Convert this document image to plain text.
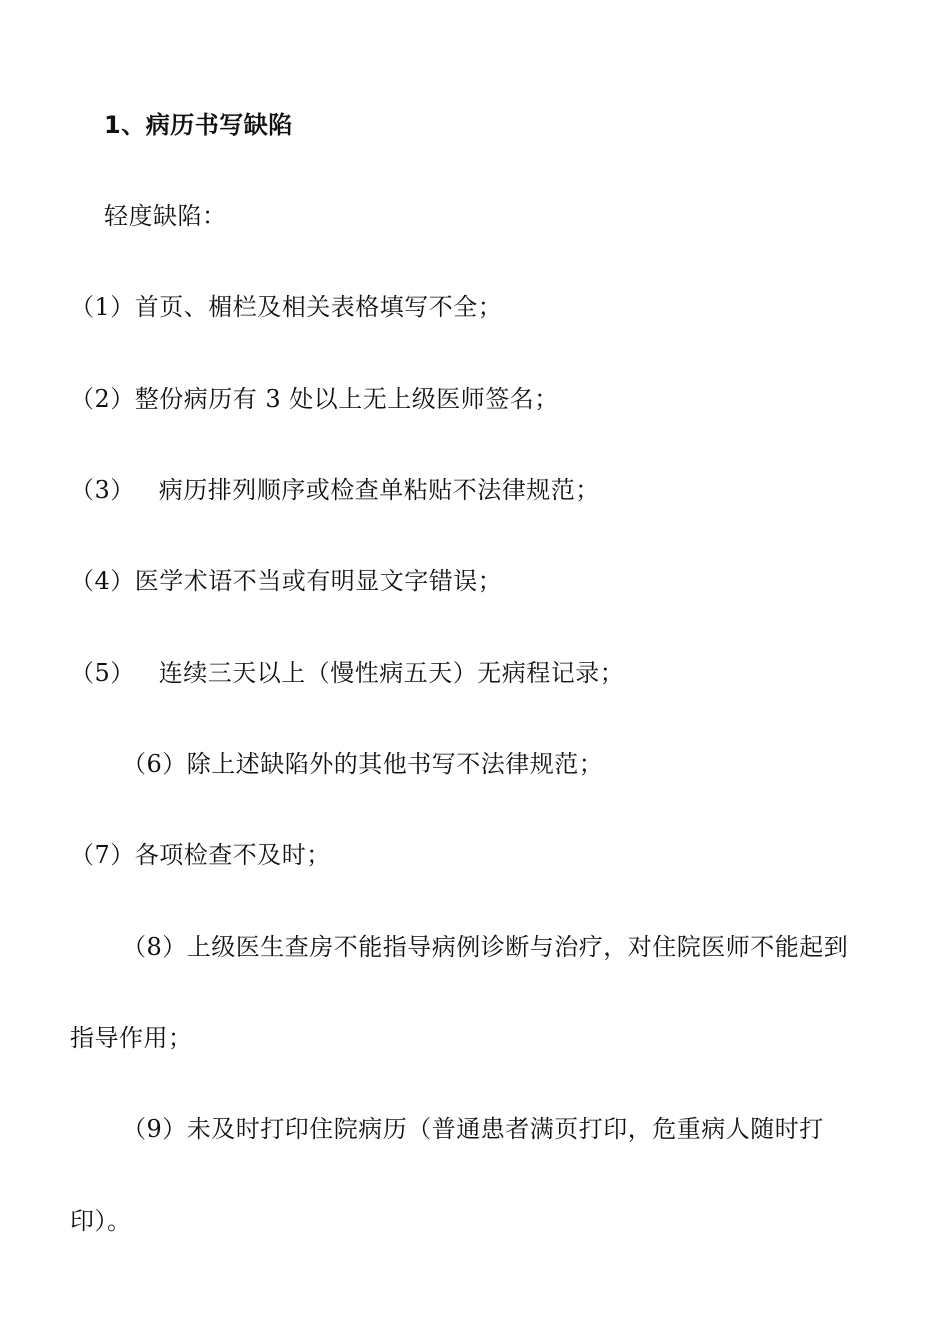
1、病历书写缺陷
轻度缺陷：
（1）首页、楣栏及相关表格填写不全；
（2）整份病历有 3 处以上无上级医师签名；
（3） 病历排列顺序或检查单粘贴不法律规范；
（4）医学术语不当或有明显文字错误；
（5） 连续三天以上（慢性病五天）无病程记录；
（6）除上述缺陷外的其他书写不法律规范；
（7）各项检查不及时；
（8）上级医生查房不能指导病例诊断与治疗，对住院医师不能起到
指导作用；
（9）未及时打印住院病历（普通患者满页打印，危重病人随时打
印）。
